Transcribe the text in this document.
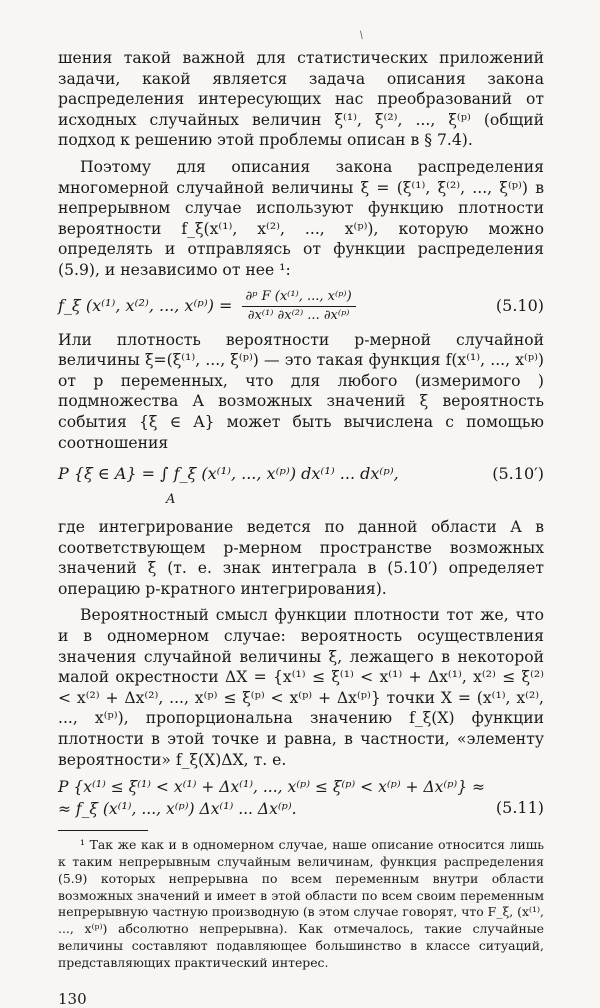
/

шения такой важной для статистических приложений задачи, какой является задача описания закона распределения интересующих нас преобразований от исходных случайных величин ξ⁽¹⁾, ξ⁽²⁾, ..., ξ⁽ᵖ⁾ (общий подход к решению этой проблемы описан в § 7.4).

Поэтому для описания закона распределения многомерной случайной величины ξ = (ξ⁽¹⁾, ξ⁽²⁾, ..., ξ⁽ᵖ⁾) в непрерывном случае используют функцию плотности вероятности f_ξ(x⁽¹⁾, x⁽²⁾, ..., x⁽ᵖ⁾), которую можно определять и отправляясь от функции распределения (5.9), и независимо от нее ¹:

f_ξ (x⁽¹⁾, x⁽²⁾, ..., x⁽ᵖ⁾) = $\frac{\text{∂ᵖ F (x⁽¹⁾, ..., x⁽ᵖ⁾)}}{\text{∂x⁽¹⁾ ∂x⁽²⁾ ... ∂x⁽ᵖ⁾}}$	(5.10)

Или плотность вероятности p-мерной случайной величины ξ=(ξ⁽¹⁾, ..., ξ⁽ᵖ⁾) — это такая функция f(x⁽¹⁾, ..., x⁽ᵖ⁾) от p переменных, что для любого (измеримого ) подмножества A возможных значений ξ вероятность события {ξ ∈ A} может быть вычислена с помощью соотношения

P {ξ ∈ A} = ∫ f_ξ (x⁽¹⁾, ..., x⁽ᵖ⁾) dx⁽¹⁾ ... dx⁽ᵖ⁾,
A
(5.10′)

где интегрирование ведется по данной области A в соответствующем p-мерном пространстве возможных значений ξ (т. е. знак интеграла в (5.10′) определяет операцию p-кратного интегрирования).

Вероятностный смысл функции плотности тот же, что и в одномерном случае: вероятность осуществления значения случайной величины ξ, лежащего в некоторой малой окрестности ΔX = {x⁽¹⁾ ≤ ξ⁽¹⁾ < x⁽¹⁾ + Δx⁽¹⁾, x⁽²⁾ ≤ ξ⁽²⁾ < x⁽²⁾ + Δx⁽²⁾, ..., x⁽ᵖ⁾ ≤ ξ⁽ᵖ⁾ < x⁽ᵖ⁾ + Δx⁽ᵖ⁾} точки X = (x⁽¹⁾, x⁽²⁾, ..., x⁽ᵖ⁾), пропорциональна значению f_ξ(X) функции плотности в этой точке и равна, в частности, «элементу вероятности» f_ξ(X)ΔX, т. е.

P {x⁽¹⁾ ≤ ξ⁽¹⁾ < x⁽¹⁾ + Δx⁽¹⁾, ..., x⁽ᵖ⁾ ≤ ξ⁽ᵖ⁾ < x⁽ᵖ⁾ + Δx⁽ᵖ⁾} ≈
≈ f_ξ (x⁽¹⁾, ..., x⁽ᵖ⁾) Δx⁽¹⁾ ... Δx⁽ᵖ⁾.	(5.11)

¹ Так же как и в одномерном случае, наше описание относится лишь к таким непрерывным случайным величинам, функция распределения (5.9) которых непрерывна по всем переменным внутри области возможных значений и имеет в этой области по всем своим переменным непрерывную частную производную (в этом случае говорят, что F_ξ, (x⁽¹⁾, ..., x⁽ᵖ⁾) абсолютно непрерывна). Как отмечалось, такие случайные величины составляют подавляющее большинство в классе ситуаций, представляющих практический интерес.

130
